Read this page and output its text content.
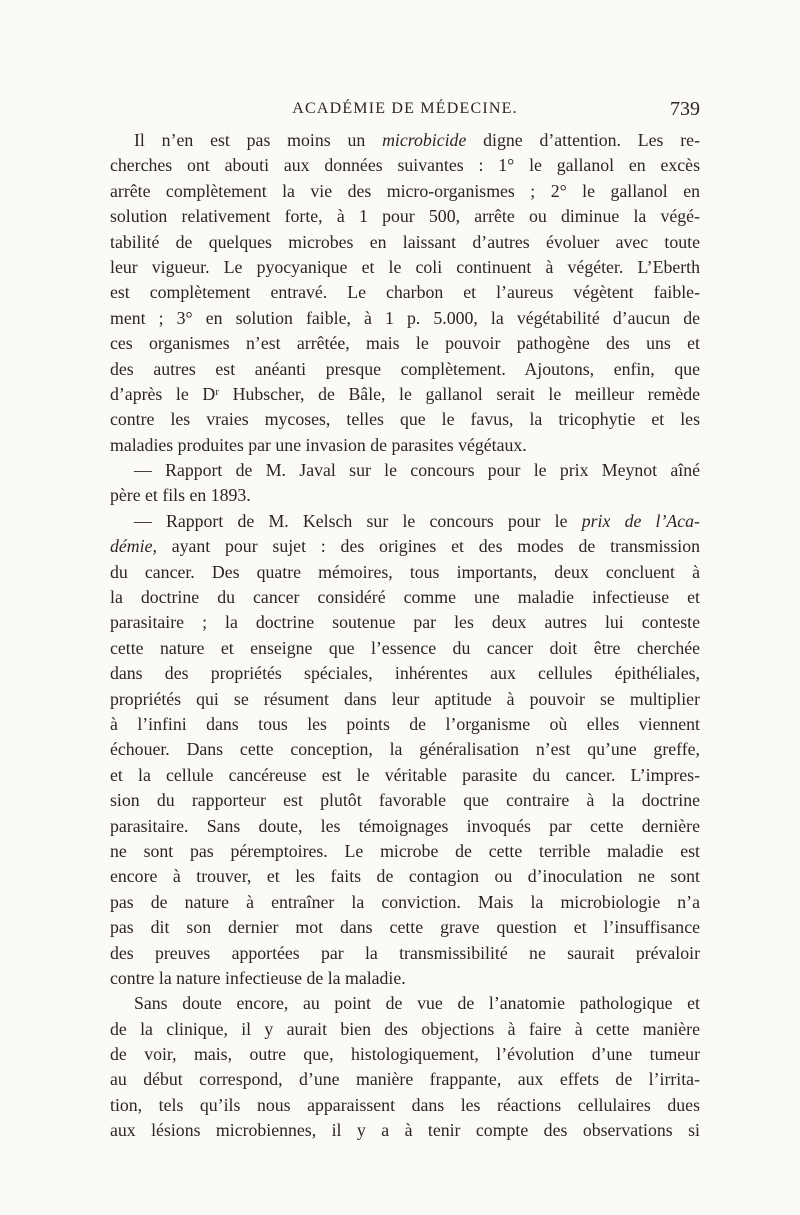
ACADÉMIE DE MÉDECINE.	739
Il n’en est pas moins un microbicide digne d’attention. Les re-
cherches ont abouti aux données suivantes : 1° le gallanol en excès
arrête complètement la vie des micro-organismes ; 2° le gallanol en
solution relativement forte, à 1 pour 500, arrête ou diminue la végé-
tabilité de quelques microbes en laissant d’autres évoluer avec toute
leur vigueur. Le pyocyanique et le coli continuent à végéter. L’Eberth
est complètement entravé. Le charbon et l’aureus végètent faible-
ment ; 3° en solution faible, à 1 p. 5.000, la végétabilité d’aucun de
ces organismes n’est arrêtée, mais le pouvoir pathogène des uns et
des autres est anéanti presque complètement. Ajoutons, enfin, que
d’après le Dʳ Hubscher, de Bâle, le gallanol serait le meilleur remède
contre les vraies mycoses, telles que le favus, la tricophytie et les
maladies produites par une invasion de parasites végétaux.
— Rapport de M. Javal sur le concours pour le prix Meynot aîné
père et fils en 1893.
— Rapport de M. Kelsch sur le concours pour le prix de l’Aca-
démie, ayant pour sujet : des origines et des modes de transmission
du cancer. Des quatre mémoires, tous importants, deux concluent à
la doctrine du cancer considéré comme une maladie infectieuse et
parasitaire ; la doctrine soutenue par les deux autres lui conteste
cette nature et enseigne que l’essence du cancer doit être cherchée
dans des propriétés spéciales, inhérentes aux cellules épithéliales,
propriétés qui se résument dans leur aptitude à pouvoir se multiplier
à l’infini dans tous les points de l’organisme où elles viennent
échouer. Dans cette conception, la généralisation n’est qu’une greffe,
et la cellule cancéreuse est le véritable parasite du cancer. L’impres-
sion du rapporteur est plutôt favorable que contraire à la doctrine
parasitaire. Sans doute, les témoignages invoqués par cette dernière
ne sont pas péremptoires. Le microbe de cette terrible maladie est
encore à trouver, et les faits de contagion ou d’inoculation ne sont
pas de nature à entraîner la conviction. Mais la microbiologie n’a
pas dit son dernier mot dans cette grave question et l’insuffisance
des preuves apportées par la transmissibilité ne saurait prévaloir
contre la nature infectieuse de la maladie.
Sans doute encore, au point de vue de l’anatomie pathologique et
de la clinique, il y aurait bien des objections à faire à cette manière
de voir, mais, outre que, histologiquement, l’évolution d’une tumeur
au début correspond, d’une manière frappante, aux effets de l’irrita-
tion, tels qu’ils nous apparaissent dans les réactions cellulaires dues
aux lésions microbiennes, il y a à tenir compte des observations si
